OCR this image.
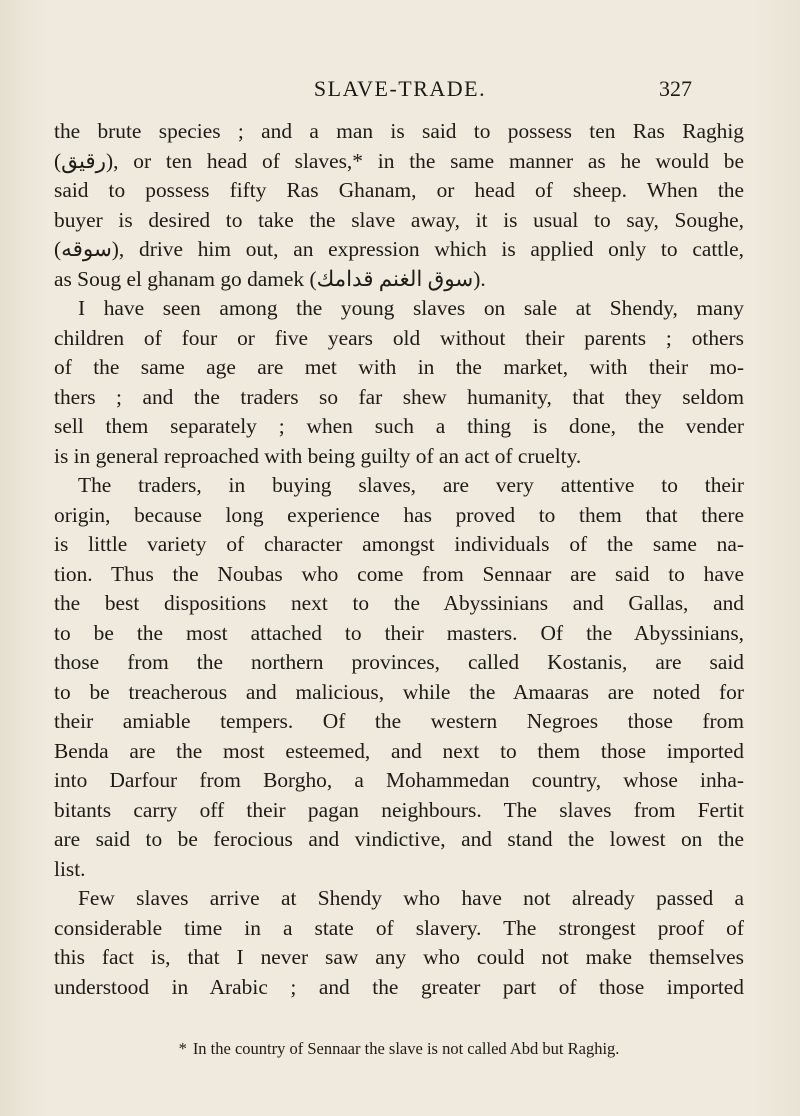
SLAVE-TRADE.	327
the brute species ; and a man is said to possess ten Ras Raghig
(رقيق), or ten head of slaves,* in the same manner as he would be
said to possess fifty Ras Ghanam, or head of sheep. When the
buyer is desired to take the slave away, it is usual to say, Soughe,
(سوقه), drive him out, an expression which is applied only to cattle,
as Soug el ghanam go damek (سوق الغنم قدامك).
I have seen among the young slaves on sale at Shendy, many
children of four or five years old without their parents ; others
of the same age are met with in the market, with their mo-
thers ; and the traders so far shew humanity, that they seldom
sell them separately ; when such a thing is done, the vender
is in general reproached with being guilty of an act of cruelty.
The traders, in buying slaves, are very attentive to their
origin, because long experience has proved to them that there
is little variety of character amongst individuals of the same na-
tion. Thus the Noubas who come from Sennaar are said to have
the best dispositions next to the Abyssinians and Gallas, and
to be the most attached to their masters. Of the Abyssinians,
those from the northern provinces, called Kostanis, are said
to be treacherous and malicious, while the Amaaras are noted for
their amiable tempers. Of the western Negroes those from
Benda are the most esteemed, and next to them those imported
into Darfour from Borgho, a Mohammedan country, whose inha-
bitants carry off their pagan neighbours. The slaves from Fertit
are said to be ferocious and vindictive, and stand the lowest on the
list.
Few slaves arrive at Shendy who have not already passed a
considerable time in a state of slavery. The strongest proof of
this fact is, that I never saw any who could not make themselves
understood in Arabic ; and the greater part of those imported
* In the country of Sennaar the slave is not called Abd but Raghig.
